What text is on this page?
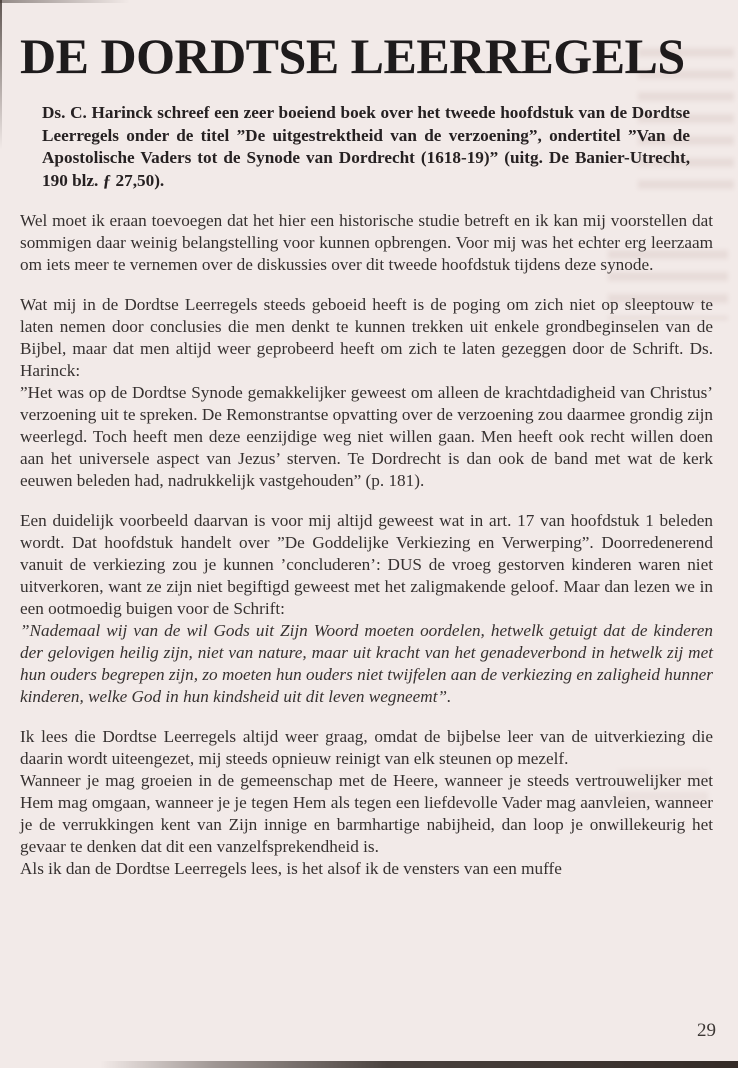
DE DORDTSE LEERREGELS
Ds. C. Harinck schreef een zeer boeiend boek over het tweede hoofdstuk van de Dordtse Leerregels onder de titel ”De uitgestrektheid van de verzoening”, ondertitel ”Van de Apostolische Vaders tot de Synode van Dordrecht (1618-19)” (uitg. De Banier-Utrecht, 190 blz. ƒ 27,50).

Wel moet ik eraan toevoegen dat het hier een historische studie betreft en ik kan mij voorstellen dat sommigen daar weinig belangstelling voor kunnen opbrengen. Voor mij was het echter erg leerzaam om iets meer te vernemen over de diskussies over dit tweede hoofdstuk tijdens deze synode.

Wat mij in de Dordtse Leerregels steeds geboeid heeft is de poging om zich niet op sleeptouw te laten nemen door conclusies die men denkt te kunnen trekken uit enkele grondbeginselen van de Bijbel, maar dat men altijd weer geprobeerd heeft om zich te laten gezeggen door de Schrift. Ds. Harinck:

”Het was op de Dordtse Synode gemakkelijker geweest om alleen de krachtdadigheid van Christus’ verzoening uit te spreken. De Remonstrantse opvatting over de verzoening zou daarmee grondig zijn weerlegd. Toch heeft men deze eenzijdige weg niet willen gaan. Men heeft ook recht willen doen aan het universele aspect van Jezus’ sterven. Te Dordrecht is dan ook de band met wat de kerk eeuwen beleden had, nadrukkelijk vastgehouden” (p. 181).

Een duidelijk voorbeeld daarvan is voor mij altijd geweest wat in art. 17 van hoofdstuk 1 beleden wordt. Dat hoofdstuk handelt over ”De Goddelijke Verkiezing en Verwerping”. Doorredenerend vanuit de verkiezing zou je kunnen ’concluderen’: DUS de vroeg gestorven kinderen waren niet uitverkoren, want ze zijn niet begiftigd geweest met het zaligmakende geloof. Maar dan lezen we in een ootmoedig buigen voor de Schrift:

”Nademaal wij van de wil Gods uit Zijn Woord moeten oordelen, hetwelk getuigt dat de kinderen der gelovigen heilig zijn, niet van nature, maar uit kracht van het genadeverbond in hetwelk zij met hun ouders begrepen zijn, zo moeten hun ouders niet twijfelen aan de verkiezing en zaligheid hunner kinderen, welke God in hun kindsheid uit dit leven wegneemt”.

Ik lees die Dordtse Leerregels altijd weer graag, omdat de bijbelse leer van de uitverkiezing die daarin wordt uiteengezet, mij steeds opnieuw reinigt van elk steunen op mezelf.

Wanneer je mag groeien in de gemeenschap met de Heere, wanneer je steeds vertrouwelijker met Hem mag omgaan, wanneer je je tegen Hem als tegen een liefdevolle Vader mag aanvleien, wanneer je de verrukkingen kent van Zijn innige en barmhartige nabijheid, dan loop je onwillekeurig het gevaar te denken dat dit een vanzelfsprekendheid is.

Als ik dan de Dordtse Leerregels lees, is het alsof ik de vensters van een muffe

29
